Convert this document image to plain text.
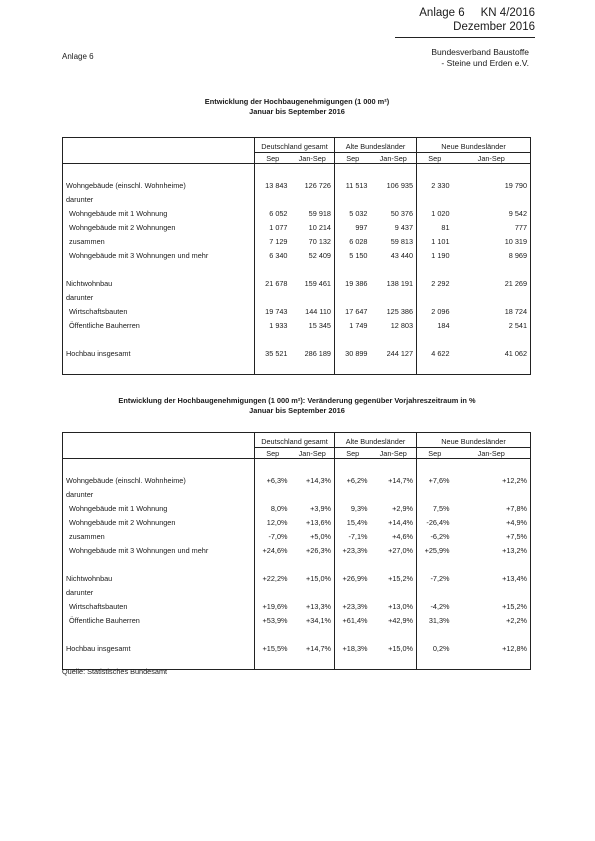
Anlage 6 KN 4/2016
Dezember 2016
Anlage 6	Bundesverband Baustoffe
- Steine und Erden e.V.
Entwicklung der Hochbaugenehmigungen (1 000 m²)
Januar bis September 2016
	Deutschland gesamt		Alte Bundesländer		Neue Bundesländer	
	Sep	Jan-Sep	Sep	Jan-Sep	Sep	Jan-Sep

Wohngebäude (einschl. Wohnheime)	13 843	126 726	11 513	106 935	2 330	19 790
darunter						
Wohngebäude mit 1 Wohnung	6 052	59 918	5 032	50 376	1 020	9 542
Wohngebäude mit 2 Wohnungen	1 077	10 214	997	9 437	81	777
zusammen	7 129	70 132	6 028	59 813	1 101	10 319
Wohngebäude mit 3 Wohnungen und mehr	6 340	52 409	5 150	43 440	1 190	8 969

Nichtwohnbau	21 678	159 461	19 386	138 191	2 292	21 269
darunter						
Wirtschaftsbauten	19 743	144 110	17 647	125 386	2 096	18 724
Öffentliche Bauherren	1 933	15 345	1 749	12 803	184	2 541

Hochbau insgesamt	35 521	286 189	30 899	244 127	4 622	41 062

Entwicklung der Hochbaugenehmigungen (1 000 m²): Veränderung gegenüber Vorjahreszeitraum in %
Januar bis September 2016
	Deutschland gesamt		Alte Bundesländer		Neue Bundesländer	
	Sep	Jan-Sep	Sep	Jan-Sep	Sep	Jan-Sep

Wohngebäude (einschl. Wohnheime)	+6,3%	+14,3%	+6,2%	+14,7%	+7,6%	+12,2%
darunter						
Wohngebäude mit 1 Wohnung	8,0%	+3,9%	9,3%	+2,9%	7,5%	+7,8%
Wohngebäude mit 2 Wohnungen	12,0%	+13,6%	15,4%	+14,4%	-26,4%	+4,9%
zusammen	-7,0%	+5,0%	-7,1%	+4,6%	-6,2%	+7,5%
Wohngebäude mit 3 Wohnungen und mehr	+24,6%	+26,3%	+23,3%	+27,0%	+25,9%	+13,2%

Nichtwohnbau	+22,2%	+15,0%	+26,9%	+15,2%	-7,2%	+13,4%
darunter						
Wirtschaftsbauten	+19,6%	+13,3%	+23,3%	+13,0%	-4,2%	+15,2%
Öffentliche Bauherren	+53,9%	+34,1%	+61,4%	+42,9%	31,3%	+2,2%

Hochbau insgesamt	+15,5%	+14,7%	+18,3%	+15,0%	0,2%	+12,8%

Quelle: Statistisches Bundesamt
